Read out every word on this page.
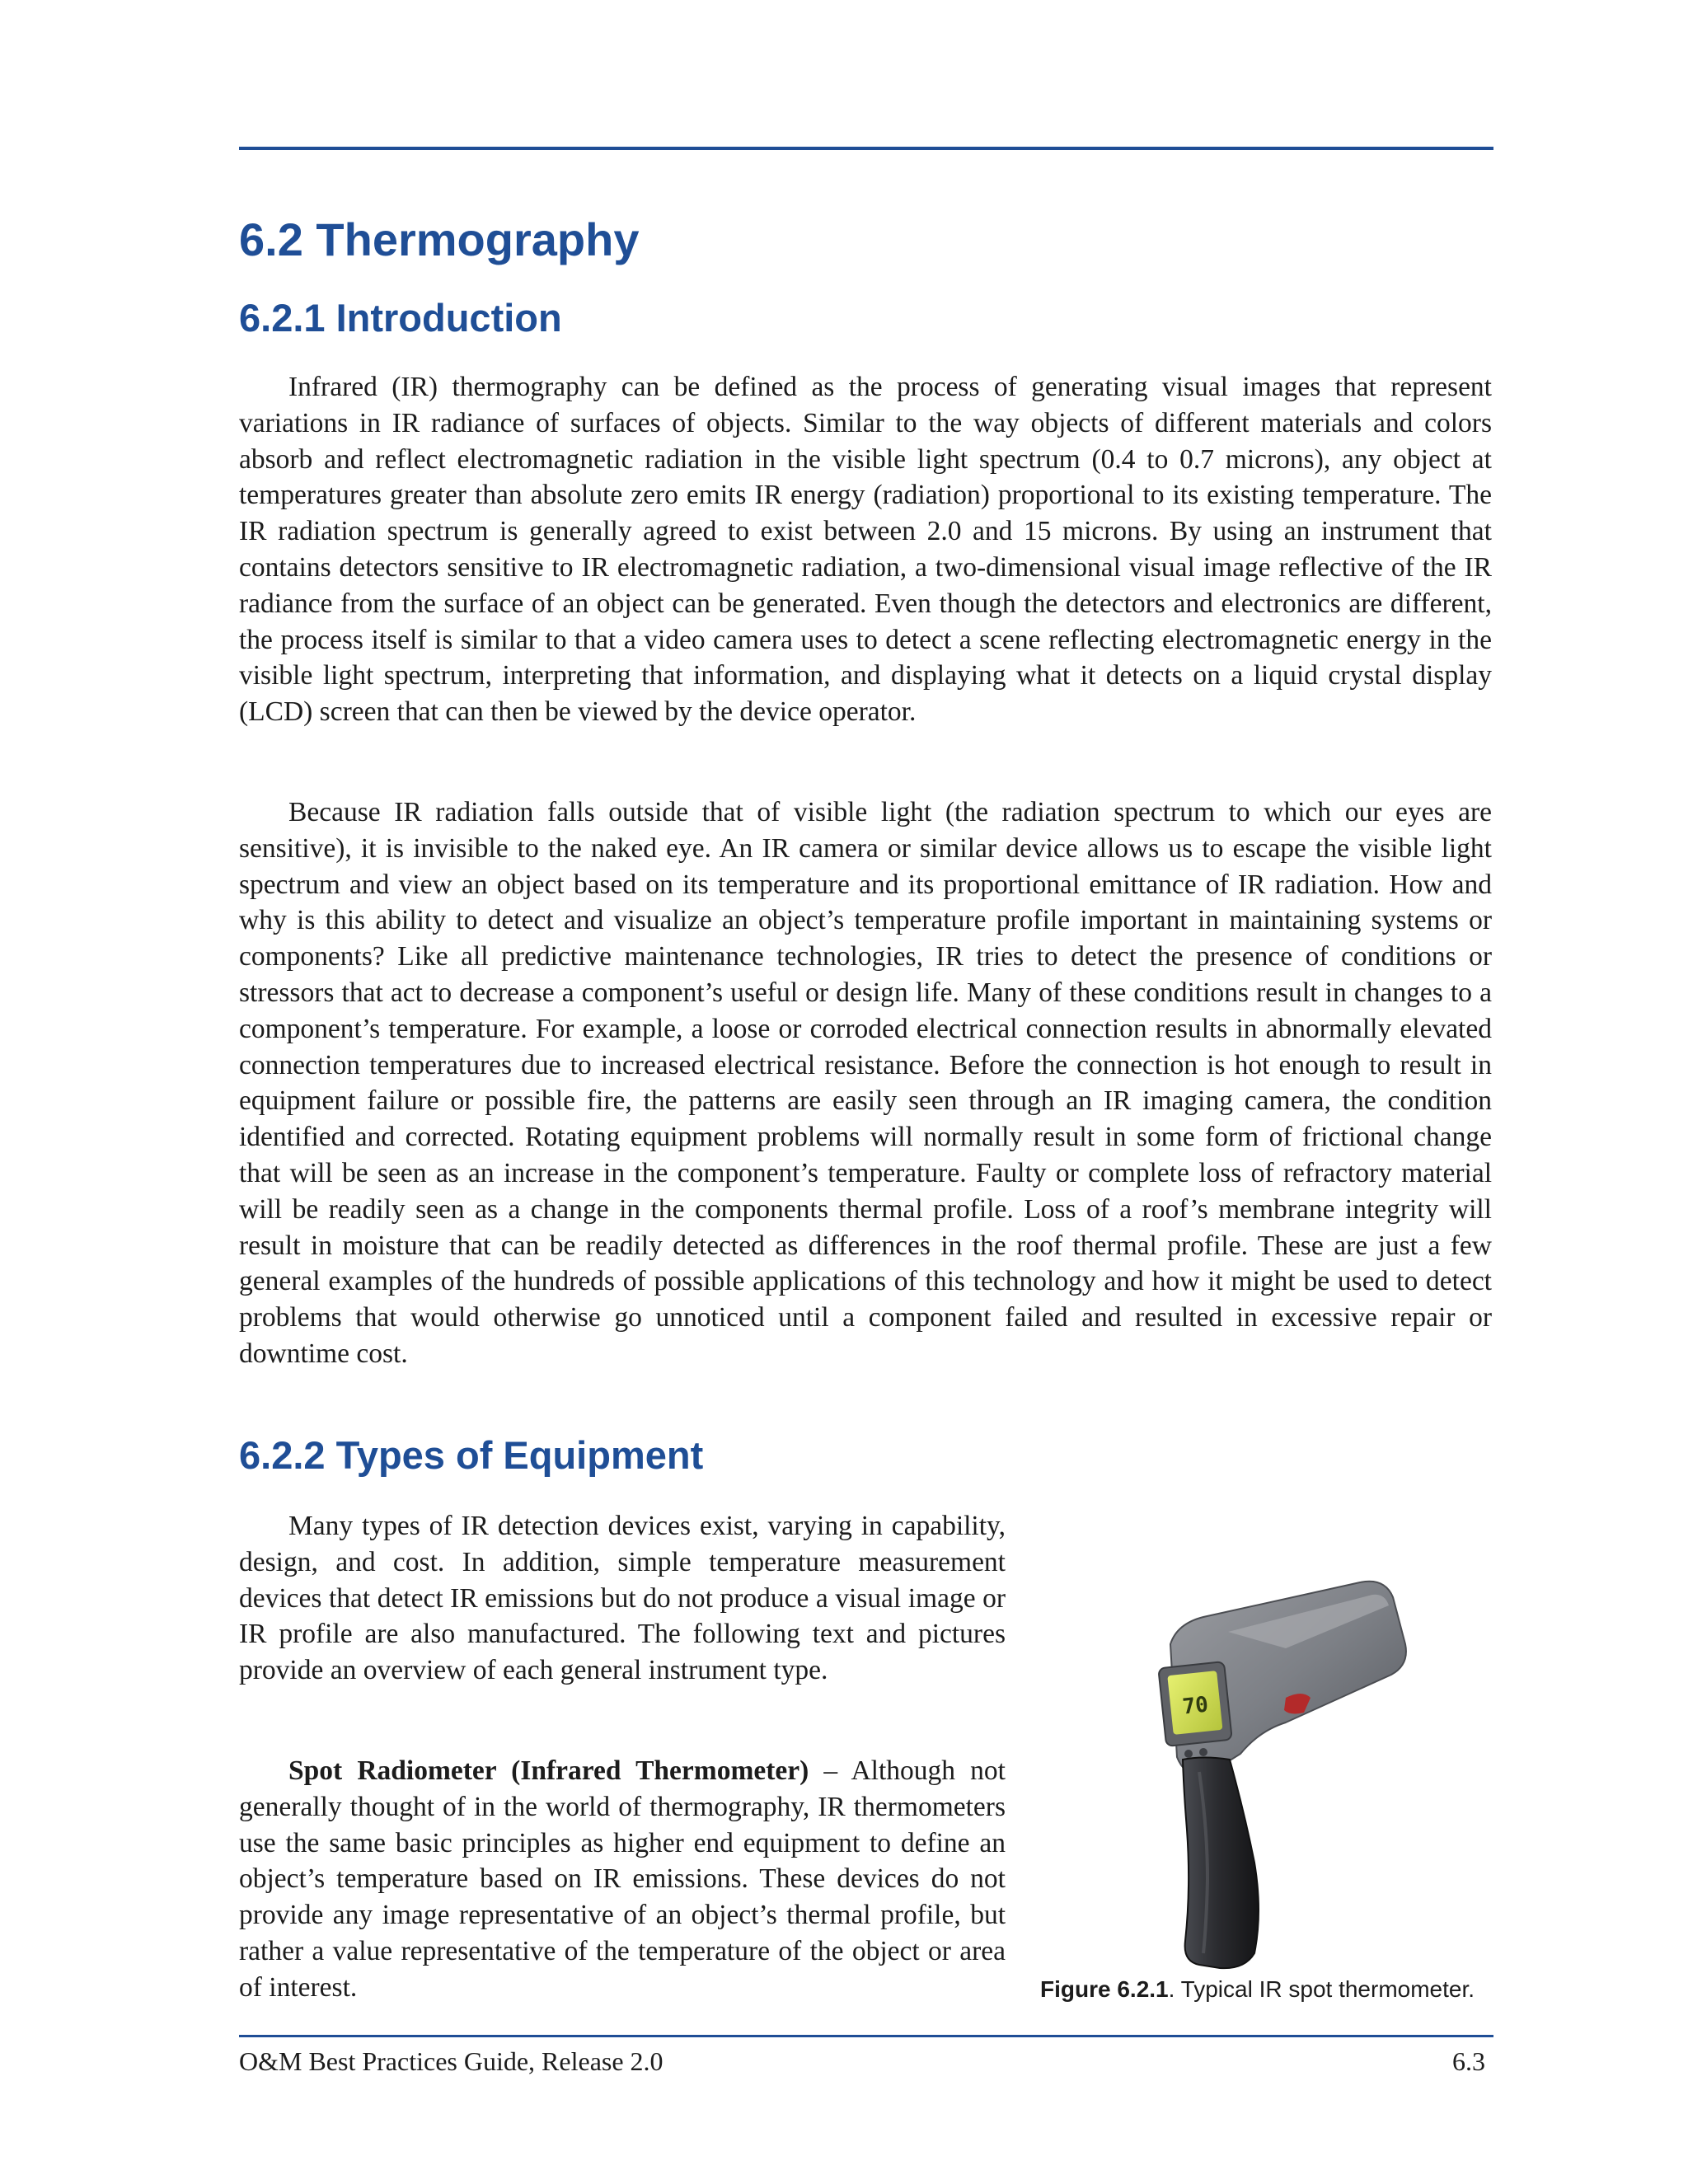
6.2 Thermography
6.2.1 Introduction

Infrared (IR) thermography can be defined as the process of generating visual images that represent variations in IR radiance of surfaces of objects. Similar to the way objects of different materials and colors absorb and reflect electromagnetic radiation in the visible light spectrum (0.4 to 0.7 microns), any object at temperatures greater than absolute zero emits IR energy (radiation) proportional to its existing temperature. The IR radiation spectrum is generally agreed to exist between 2.0 and 15 microns. By using an instrument that contains detectors sensitive to IR electromagnetic radiation, a two-dimensional visual image reflective of the IR radiance from the surface of an object can be generated. Even though the detectors and electronics are different, the process itself is similar to that a video camera uses to detect a scene reflecting electromagnetic energy in the visible light spectrum, interpreting that information, and displaying what it detects on a liquid crystal display (LCD) screen that can then be viewed by the device operator.

Because IR radiation falls outside that of visible light (the radiation spectrum to which our eyes are sensitive), it is invisible to the naked eye. An IR camera or similar device allows us to escape the visible light spectrum and view an object based on its temperature and its proportional emittance of IR radiation. How and why is this ability to detect and visualize an object’s temperature profile important in maintaining systems or components? Like all predictive maintenance technologies, IR tries to detect the presence of conditions or stressors that act to decrease a component’s useful or design life. Many of these conditions result in changes to a component’s temperature. For example, a loose or corroded electrical connection results in abnormally elevated connection temperatures due to increased electrical resistance. Before the connection is hot enough to result in equipment failure or possible fire, the patterns are easily seen through an IR imaging camera, the condition identified and corrected. Rotating equipment problems will normally result in some form of frictional change that will be seen as an increase in the component’s temperature. Faulty or complete loss of refractory material will be readily seen as a change in the components thermal profile. Loss of a roof’s membrane integrity will result in moisture that can be readily detected as differences in the roof thermal profile. These are just a few general examples of the hundreds of possible applications of this technology and how it might be used to detect problems that would otherwise go unnoticed until a component failed and resulted in excessive repair or downtime cost.

6.2.2 Types of Equipment

Many types of IR detection devices exist, varying in capability, design, and cost. In addition, simple temperature measurement devices that detect IR emissions but do not produce a visual image or IR profile are also manufactured. The following text and pictures provide an overview of each general instrument type.

Spot Radiometer (Infrared Thermometer) – Although not generally thought of in the world of thermography, IR thermometers use the same basic principles as higher end equipment to define an object’s temperature based on IR emissions. These devices do not provide any image representative of an object’s thermal profile, but rather a value representative of the temperature of the object or area of interest.

70
Figure 6.2.1. Typical IR spot thermometer.
O&M Best Practices Guide, Release 2.0	6.3
